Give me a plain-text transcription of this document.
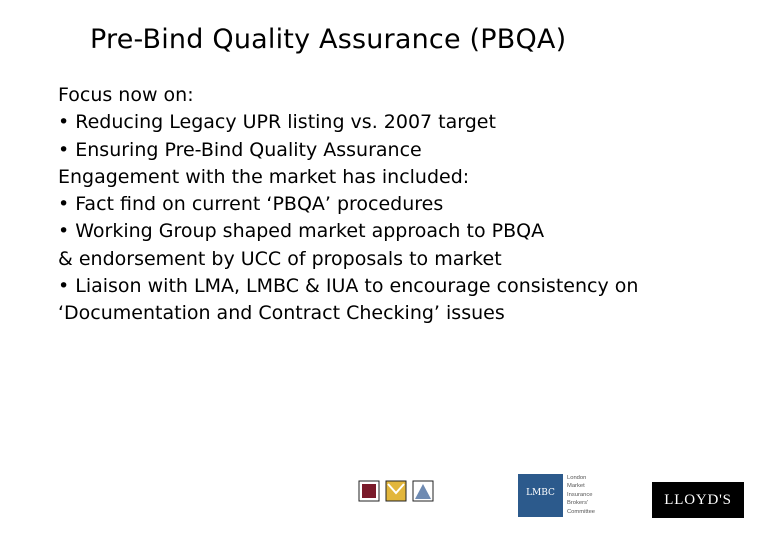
Pre-Bind Quality Assurance (PBQA)
Focus now on:
• Reducing Legacy UPR listing vs. 2007 target
• Ensuring Pre-Bind Quality Assurance
Engagement with the market has included:
• Fact find on current ‘PBQA’ procedures
• Working Group shaped market approach to PBQA
& endorsement by UCC of proposals to market
• Liaison with LMA, LMBC & IUA to encourage consistency on
‘Documentation and Contract Checking’ issues
LMBC
London
Market
Insurance
Brokers'
Committee
LLOYD'S
